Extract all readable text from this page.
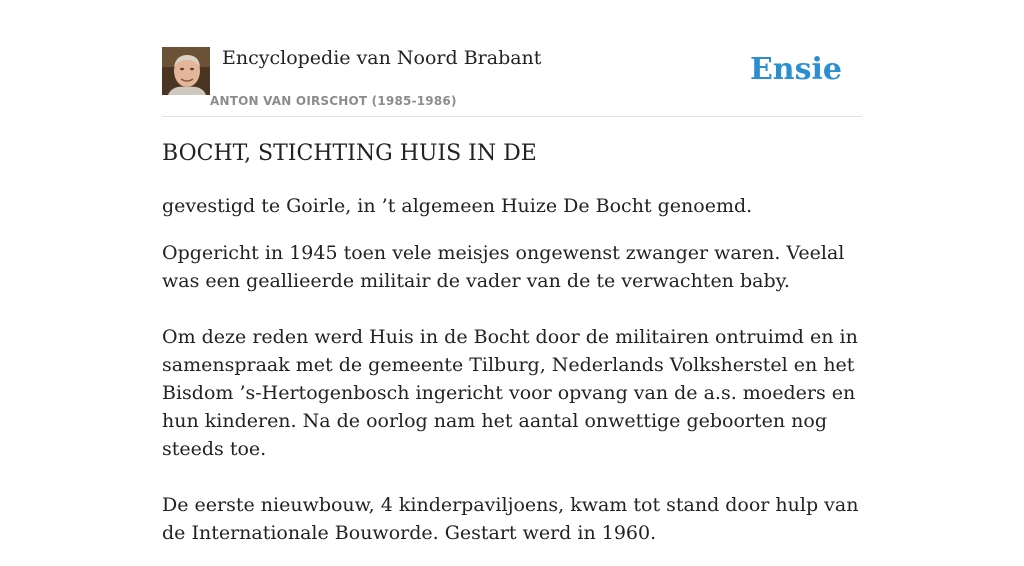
Encyclopedie van Noord Brabant
ANTON VAN OIRSCHOT (1985-1986)
Ensie
BOCHT, STICHTING HUIS IN DE

gevestigd te Goirle, in ’t algemeen Huize De Bocht genoemd.

Opgericht in 1945 toen vele meisjes ongewenst zwanger waren. Veelal was een geallieerde militair de vader van de te verwachten baby.

Om deze reden werd Huis in de Bocht door de militairen ontruimd en in samenspraak met de gemeente Tilburg, Nederlands Volksherstel en het Bisdom ’s-Hertogenbosch ingericht voor opvang van de a.s. moeders en hun kinderen. Na de oorlog nam het aantal onwettige geboorten nog steeds toe.

De eerste nieuwbouw, 4 kinderpaviljoens, kwam tot stand door hulp van de Internationale Bouworde. Gestart werd in 1960.
